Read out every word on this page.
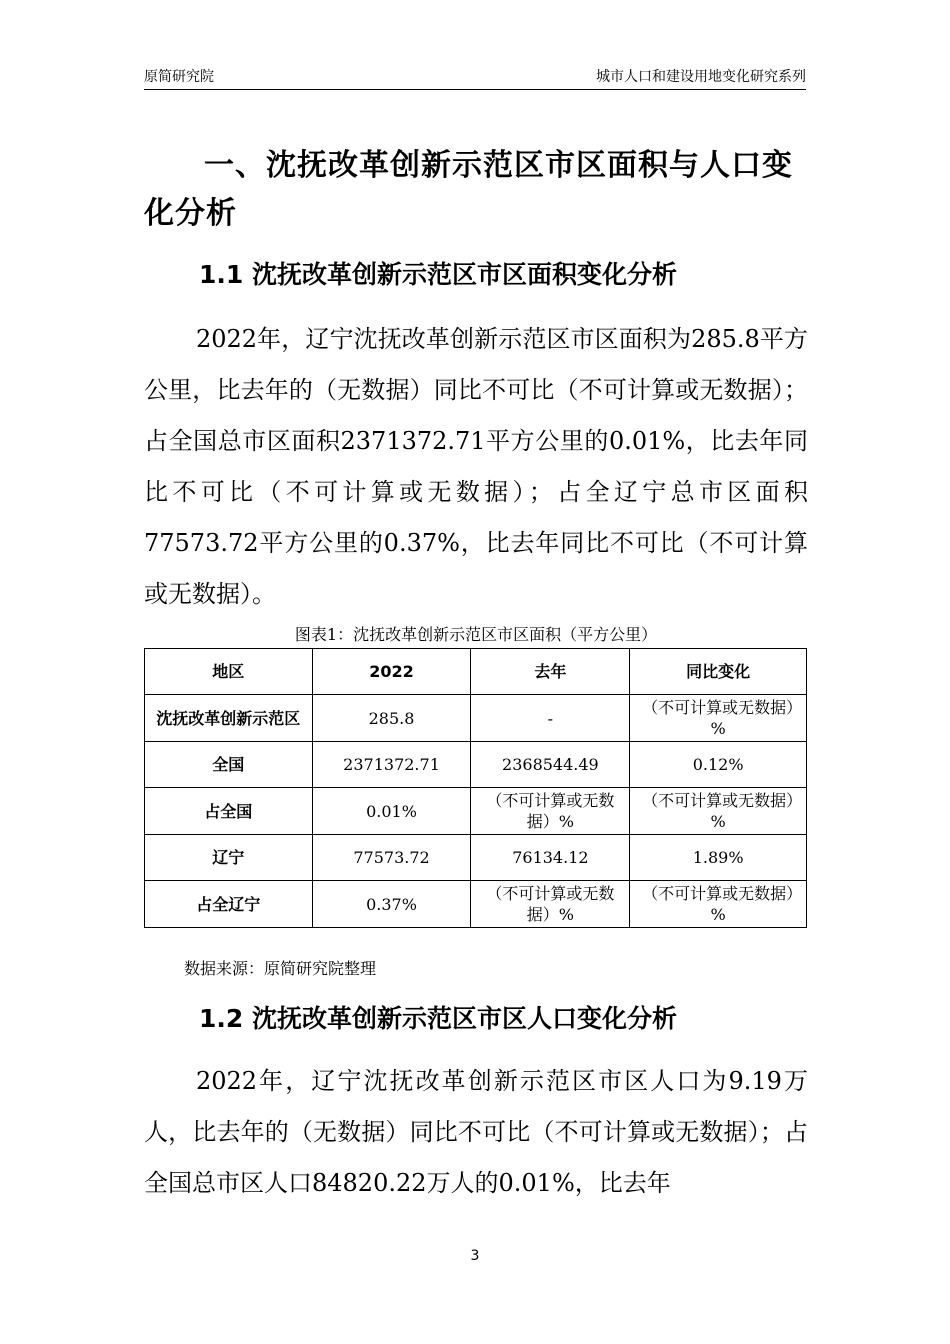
原简研究院	城市人口和建设用地变化研究系列
一、沈抚改革创新示范区市区面积与人口变化分析
1.1 沈抚改革创新示范区市区面积变化分析

2022年，辽宁沈抚改革创新示范区市区面积为285.8平方公里，比去年的（无数据）同比不可比（不可计算或无数据）；占全国总市区面积2371372.71平方公里的0.01%，比去年同比不可比（不可计算或无数据）；占全辽宁总市区面积77573.72平方公里的0.37%，比去年同比不可比（不可计算或无数据）。

图表1：沈抚改革创新示范区市区面积（平方公里）
地区	2022	去年	同比变化
沈抚改革创新示范区	285.8	-	（不可计算或无数据）%
全国	2371372.71	2368544.49	0.12%
占全国	0.01%	（不可计算或无数据）%	（不可计算或无数据）%
辽宁	77573.72	76134.12	1.89%
占全辽宁	0.37%	（不可计算或无数据）%	（不可计算或无数据）%
数据来源：原简研究院整理
1.2 沈抚改革创新示范区市区人口变化分析

2022年，辽宁沈抚改革创新示范区市区人口为9.19万人，比去年的（无数据）同比不可比（不可计算或无数据）；占全国总市区人口84820.22万人的0.01%，比去年

3
